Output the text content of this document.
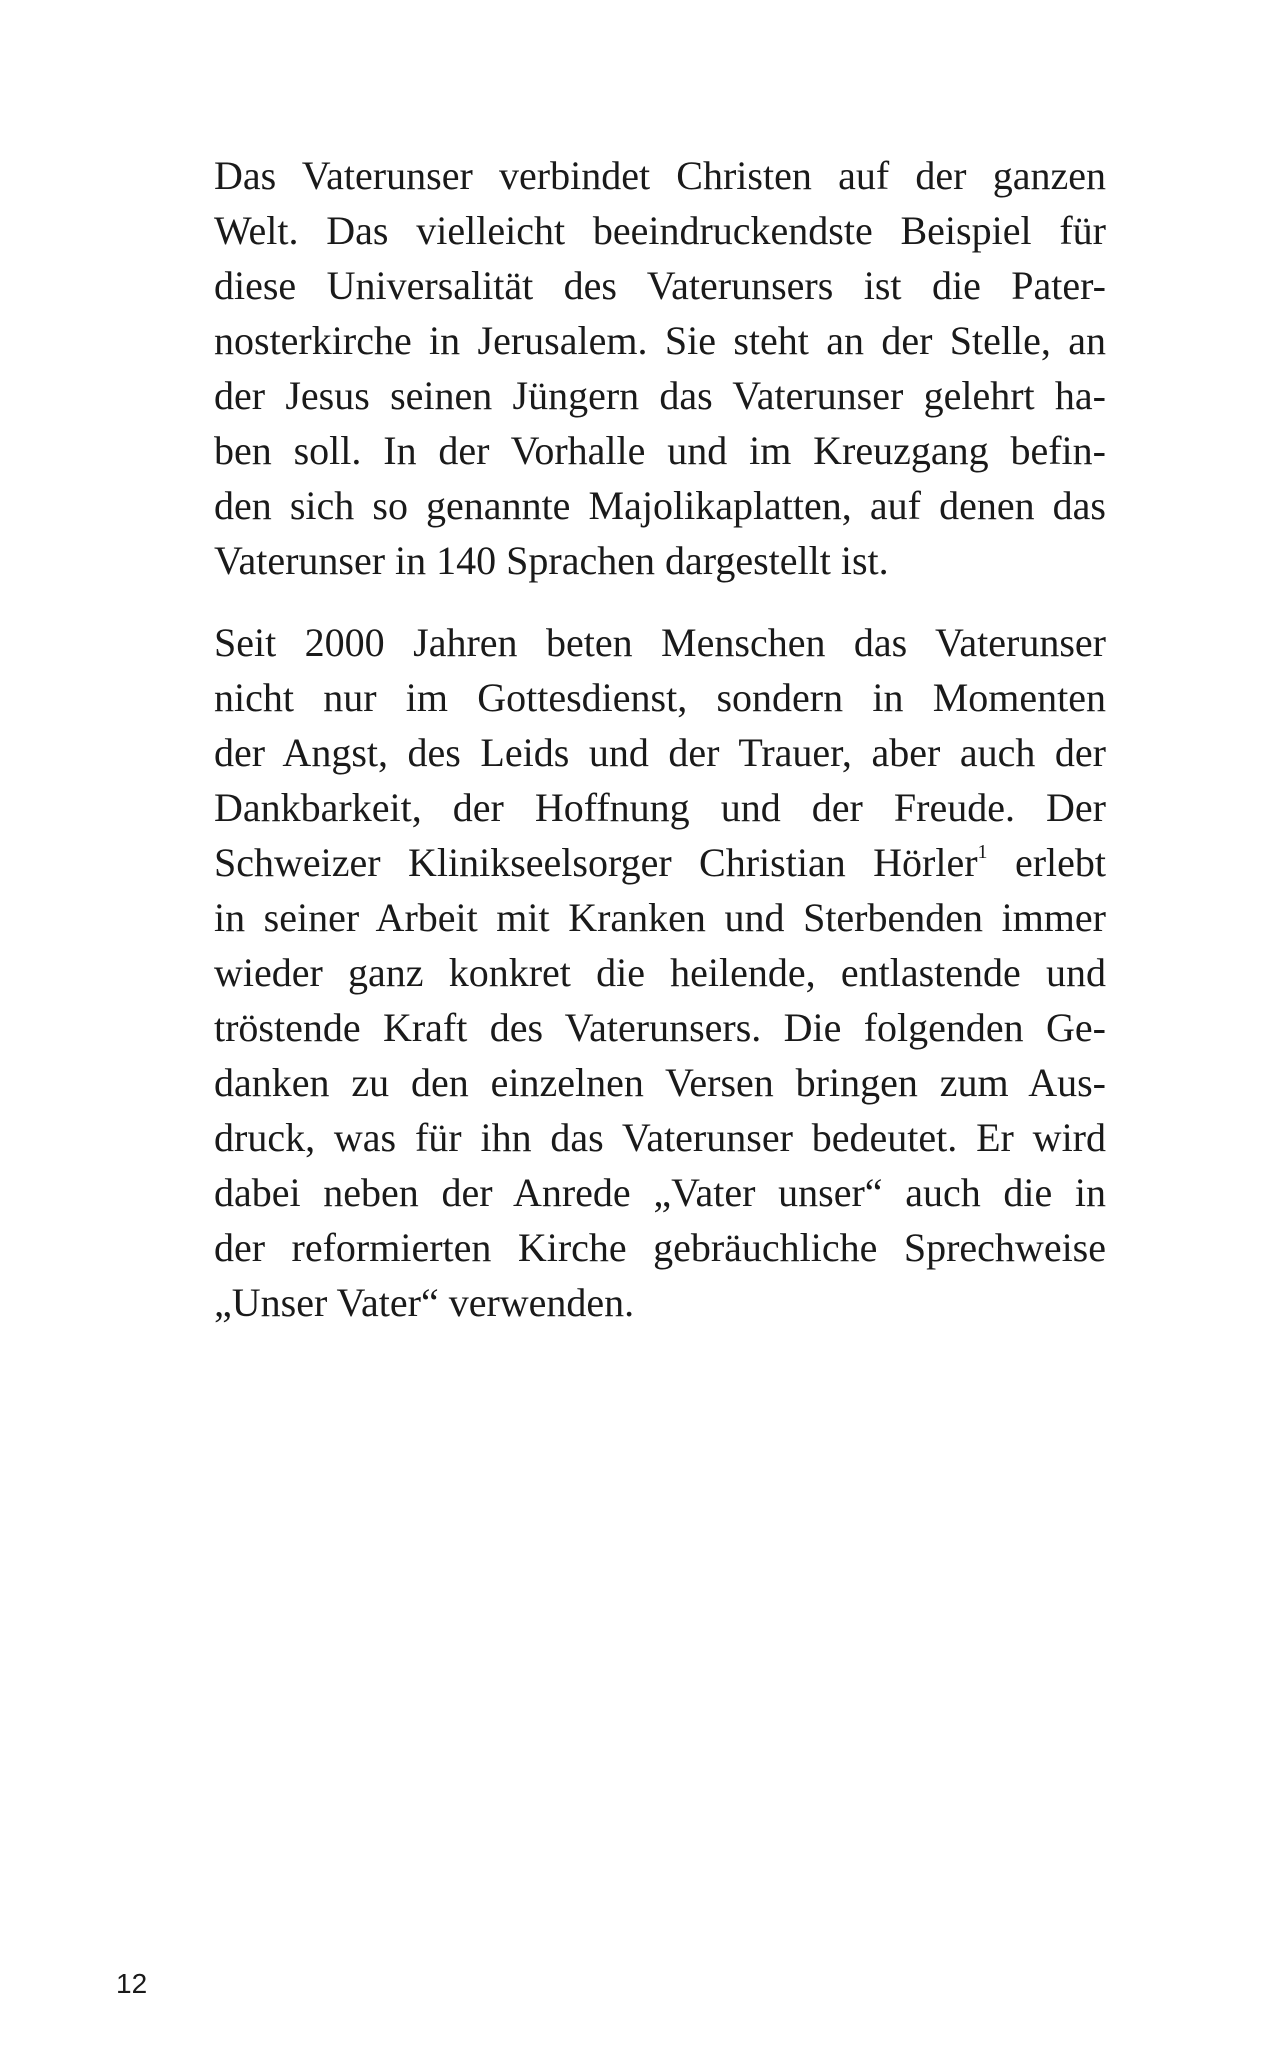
Das Vaterunser verbindet Christen auf der ganzen
Welt. Das vielleicht beeindruckendste Beispiel für
diese Universalität des Vaterunsers ist die Pater-
nosterkirche in Jerusalem. Sie steht an der Stelle, an
der Jesus seinen Jüngern das Vaterunser gelehrt ha-
ben soll. In der Vorhalle und im Kreuzgang befin-
den sich so genannte Majolikaplatten, auf denen das
Vaterunser in 140 Sprachen dargestellt ist.
Seit 2000 Jahren beten Menschen das Vaterunser
nicht nur im Gottesdienst, sondern in Momenten
der Angst, des Leids und der Trauer, aber auch der
Dankbarkeit, der Hoffnung und der Freude. Der
Schweizer Klinikseelsorger Christian Hörler$^1$ erlebt
in seiner Arbeit mit Kranken und Sterbenden immer
wieder ganz konkret die heilende, entlastende und
tröstende Kraft des Vaterunsers. Die folgenden Ge-
danken zu den einzelnen Versen bringen zum Aus-
druck, was für ihn das Vaterunser bedeutet. Er wird
dabei neben der Anrede „Vater unser“ auch die in
der reformierten Kirche gebräuchliche Sprechweise
„Unser Vater“ verwenden.
12
